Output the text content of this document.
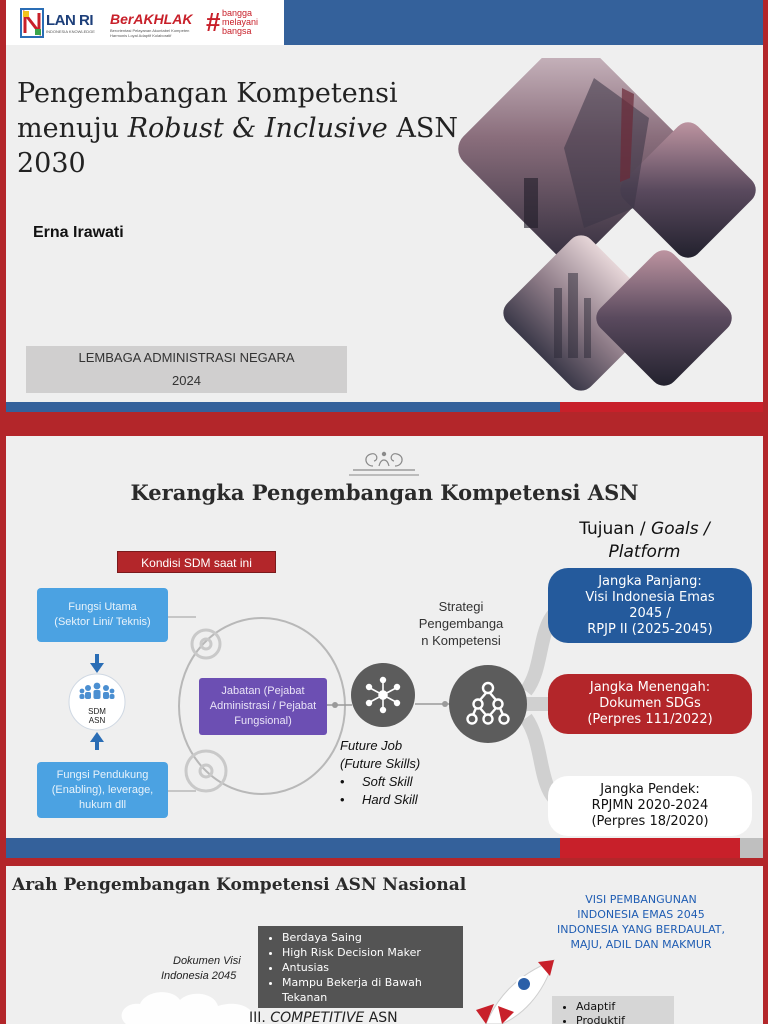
LAN RI
INDONESIA KNOWLEDGE
BerAKHLAK
Berorientasi Pelayanan Akuntabel Kompeten Harmonis Loyal Adaptif Kolaboratif	# bangga
melayani
bangsa
Pengembangan Kompetensi
menuju Robust & Inclusive ASN
2030
Erna Irawati
LEMBAGA ADMINISTRASI NEGARA
2024
Kerangka Pengembangan Kompetensi ASN
Kondisi SDM saat ini
Fungsi Utama
(Sektor Lini/ Teknis)
SDM
ASN
Fungsi Pendukung
(Enabling), leverage,
hukum dll
Jabatan (Pejabat
Administrasi / Pejabat
Fungsional)
Strategi
Pengembanga
n Kompetensi
Future Job
(Future Skills)
• Soft Skill
• Hard Skill
Tujuan / Goals /
Platform
Jangka Panjang:
Visi Indonesia Emas
2045 /
RPJP II (2025-2045)
Jangka Menengah:
Dokumen SDGs
(Perpres 111/2022)
Jangka Pendek:
RPJMN 2020-2024
(Perpres 18/2020)
Arah Pengembangan Kompetensi ASN Nasional
VISI PEMBANGUNAN
INDONESIA EMAS 2045
INDONESIA YANG BERDAULAT,
MAJU, ADIL DAN MAKMUR
Dokumen Visi
Indonesia 2045
• Berdaya Saing
• High Risk Decision Maker
• Antusias
• Mampu Bekerja di Bawah Tekanan
• Adaptif
• Produktif
III. COMPETITIVE ASN
